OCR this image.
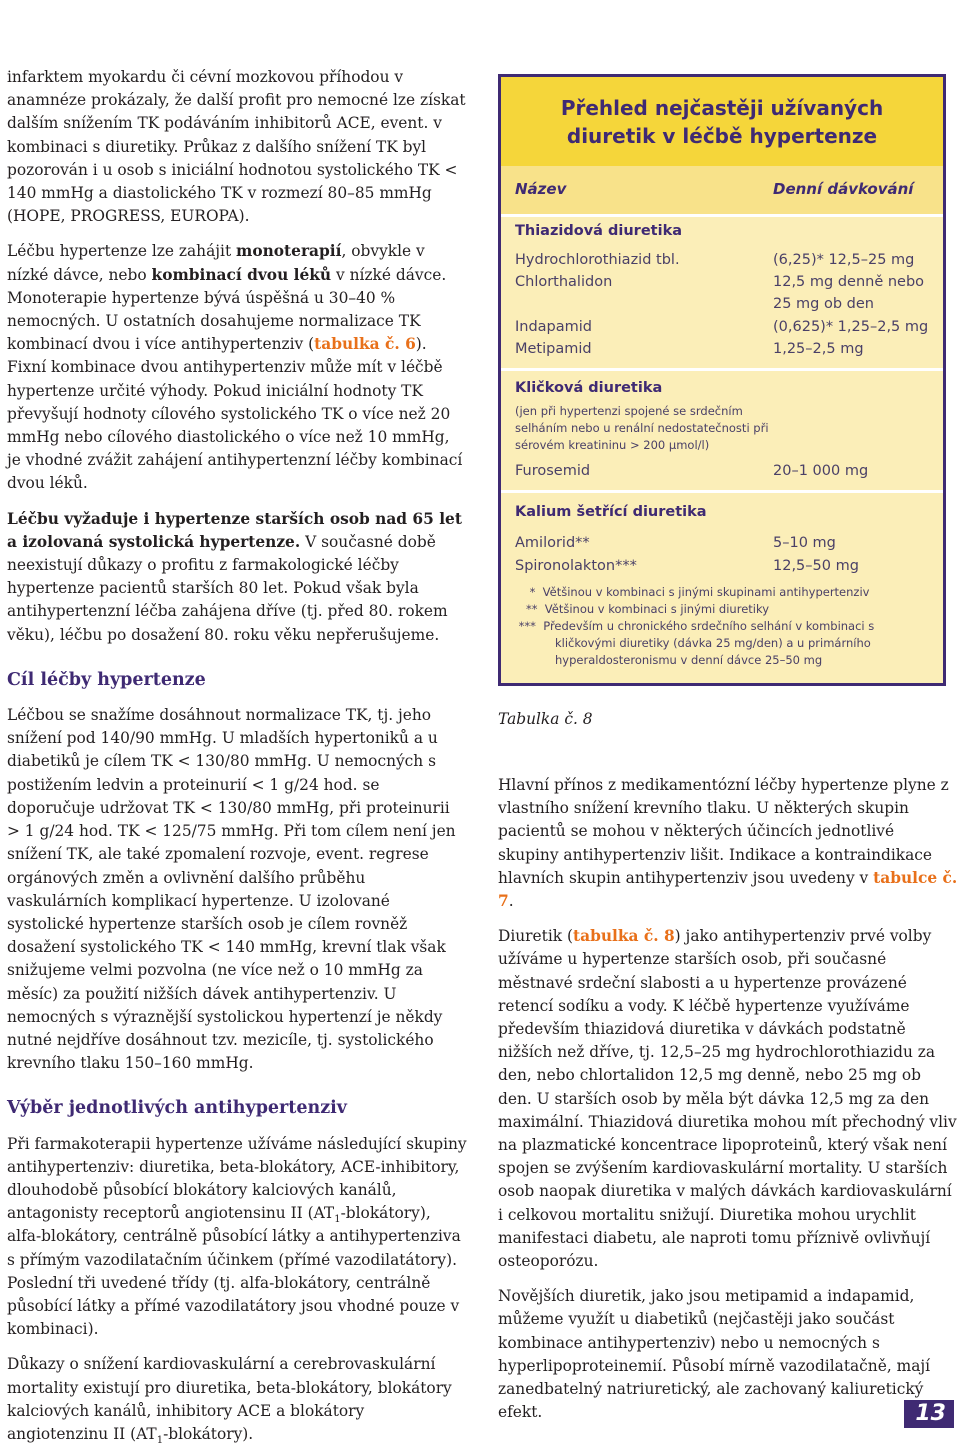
infarktem myokardu či cévní mozkovou příhodou v anamnéze prokázaly, že další profit pro nemocné lze získat dalším snížením TK podáváním inhibitorů ACE, event. v kombinaci s diuretiky. Průkaz z dalšího snížení TK byl pozorován i u osob s iniciální hodnotou systolického TK < 140 mmHg a diastolického TK v rozmezí 80–85 mmHg (HOPE, PROGRESS, EUROPA).

Léčbu hypertenze lze zahájit monoterapií, obvykle v nízké dávce, nebo kombinací dvou léků v nízké dávce. Monoterapie hypertenze bývá úspěšná u 30–40 % nemocných. U ostatních dosahujeme normalizace TK kombinací dvou i více antihypertenziv (tabulka č. 6). Fixní kombinace dvou antihypertenziv může mít v léčbě hypertenze určité výhody. Pokud iniciální hodnoty TK převyšují hodnoty cílového systolického TK o více než 20 mmHg nebo cílového diastolického o více než 10 mmHg, je vhodné zvážit zahájení antihypertenzní léčby kombinací dvou léků.

Léčbu vyžaduje i hypertenze starších osob nad 65 let a izolovaná systolická hypertenze. V současné době neexistují důkazy o profitu z farmakologické léčby hypertenze pacientů starších 80 let. Pokud však byla antihypertenzní léčba zahájena dříve (tj. před 80. rokem věku), léčbu po dosažení 80. roku věku nepřerušujeme.

Cíl léčby hypertenze

Léčbou se snažíme dosáhnout normalizace TK, tj. jeho snížení pod 140/90 mmHg. U mladších hypertoniků a u diabetiků je cílem TK < 130/80 mmHg. U nemocných s postižením ledvin a proteinurií < 1 g/24 hod. se doporučuje udržovat TK < 130/80 mmHg, při proteinurii > 1 g/24 hod. TK < 125/75 mmHg. Při tom cílem není jen snížení TK, ale také zpomalení rozvoje, event. regrese orgánových změn a ovlivnění dalšího průběhu vaskulárních komplikací hypertenze. U izolované systolické hypertenze starších osob je cílem rovněž dosažení systolického TK < 140 mmHg, krevní tlak však snižujeme velmi pozvolna (ne více než o 10 mmHg za měsíc) za použití nižších dávek antihypertenziv. U nemocných s výraznější systolickou hypertenzí je někdy nutné nejdříve dosáhnout tzv. mezicíle, tj. systolického krevního tlaku 150–160 mmHg.

Výběr jednotlivých antihypertenziv

Při farmakoterapii hypertenze užíváme následující skupiny antihypertenziv: diuretika, beta-blokátory, ACE-inhibitory, dlouhodobě působící blokátory kalciových kanálů, antagonisty receptorů angiotensinu II $(AT_1-blokátory)$, alfa-blokátory, centrálně působící látky a antihypertenziva s přímým vazodilatačním účinkem (přímé vazodilatátory). Poslední tři uvedené třídy (tj. alfa-blokátory, centrálně působící látky a přímé vazodilatátory jsou vhodné pouze v kombinaci).

Důkazy o snížení kardiovaskulární a cerebrovaskulární mortality existují pro diuretika, beta-blokátory, blokátory kalciových kanálů, inhibitory ACE a blokátory angiotenzinu II $(AT_1-blokátory)$.

Přehled nejčastěji užívaných
diuretik v léčbě hypertenze
Název	Denní dávkování
Thiazidová diuretika
Hydrochlorothiazid tbl.	(6,25)* 12,5–25 mg
Chlorthalidon	12,5 mg denně nebo
25 mg ob den
Indapamid	(0,625)* 1,25–2,5 mg
Metipamid	1,25–2,5 mg
Kličková diuretika
(jen při hypertenzi spojené se srdečním selháním nebo u renální nedostatečnosti při sérovém kreatininu > 200 µmol/l)
Furosemid	20–1 000 mg
Kalium šetřící diuretika
Amilorid**	5–10 mg
Spironolakton***	12,5–50 mg
*  Většinou v kombinaci s jinými skupinami antihypertenziv
**  Většinou v kombinaci s jinými diuretiky
***  Především u chronického srdečního selhání v kombinaci s kličkovými diuretiky (dávka 25 mg/den) a u primárního hyperaldosteronismu v denní dávce 25–50 mg
Tabulka č. 8

Hlavní přínos z medikamentózní léčby hypertenze plyne z vlastního snížení krevního tlaku. U některých skupin pacientů se mohou v některých účincích jednotlivé skupiny antihypertenziv lišit. Indikace a kontraindikace hlavních skupin antihypertenziv jsou uvedeny v tabulce č. 7.

Diuretik (tabulka č. 8) jako antihypertenziv prvé volby užíváme u hypertenze starších osob, při současné městnavé srdeční slabosti a u hypertenze provázené retencí sodíku a vody. K léčbě hypertenze využíváme především thiazidová diuretika v dávkách podstatně nižších než dříve, tj. 12,5–25 mg hydrochlorothiazidu za den, nebo chlortalidon 12,5 mg denně, nebo 25 mg ob den. U starších osob by měla být dávka 12,5 mg za den maximální. Thiazidová diuretika mohou mít přechodný vliv na plazmatické koncentrace lipoproteinů, který však není spojen se zvýšením kardiovaskulární mortality. U starších osob naopak diuretika v malých dávkách kardiovaskulární i celkovou mortalitu snižují. Diuretika mohou urychlit manifestaci diabetu, ale naproti tomu příznivě ovlivňují osteoporózu.

Novějších diuretik, jako jsou metipamid a indapamid, můžeme využít u diabetiků (nejčastěji jako součást kombinace antihypertenziv) nebo u nemocných s hyperlipoproteinemií. Působí mírně vazodilatačně, mají zanedbatelný natriuretický, ale zachovaný kaliuretický efekt.	13
